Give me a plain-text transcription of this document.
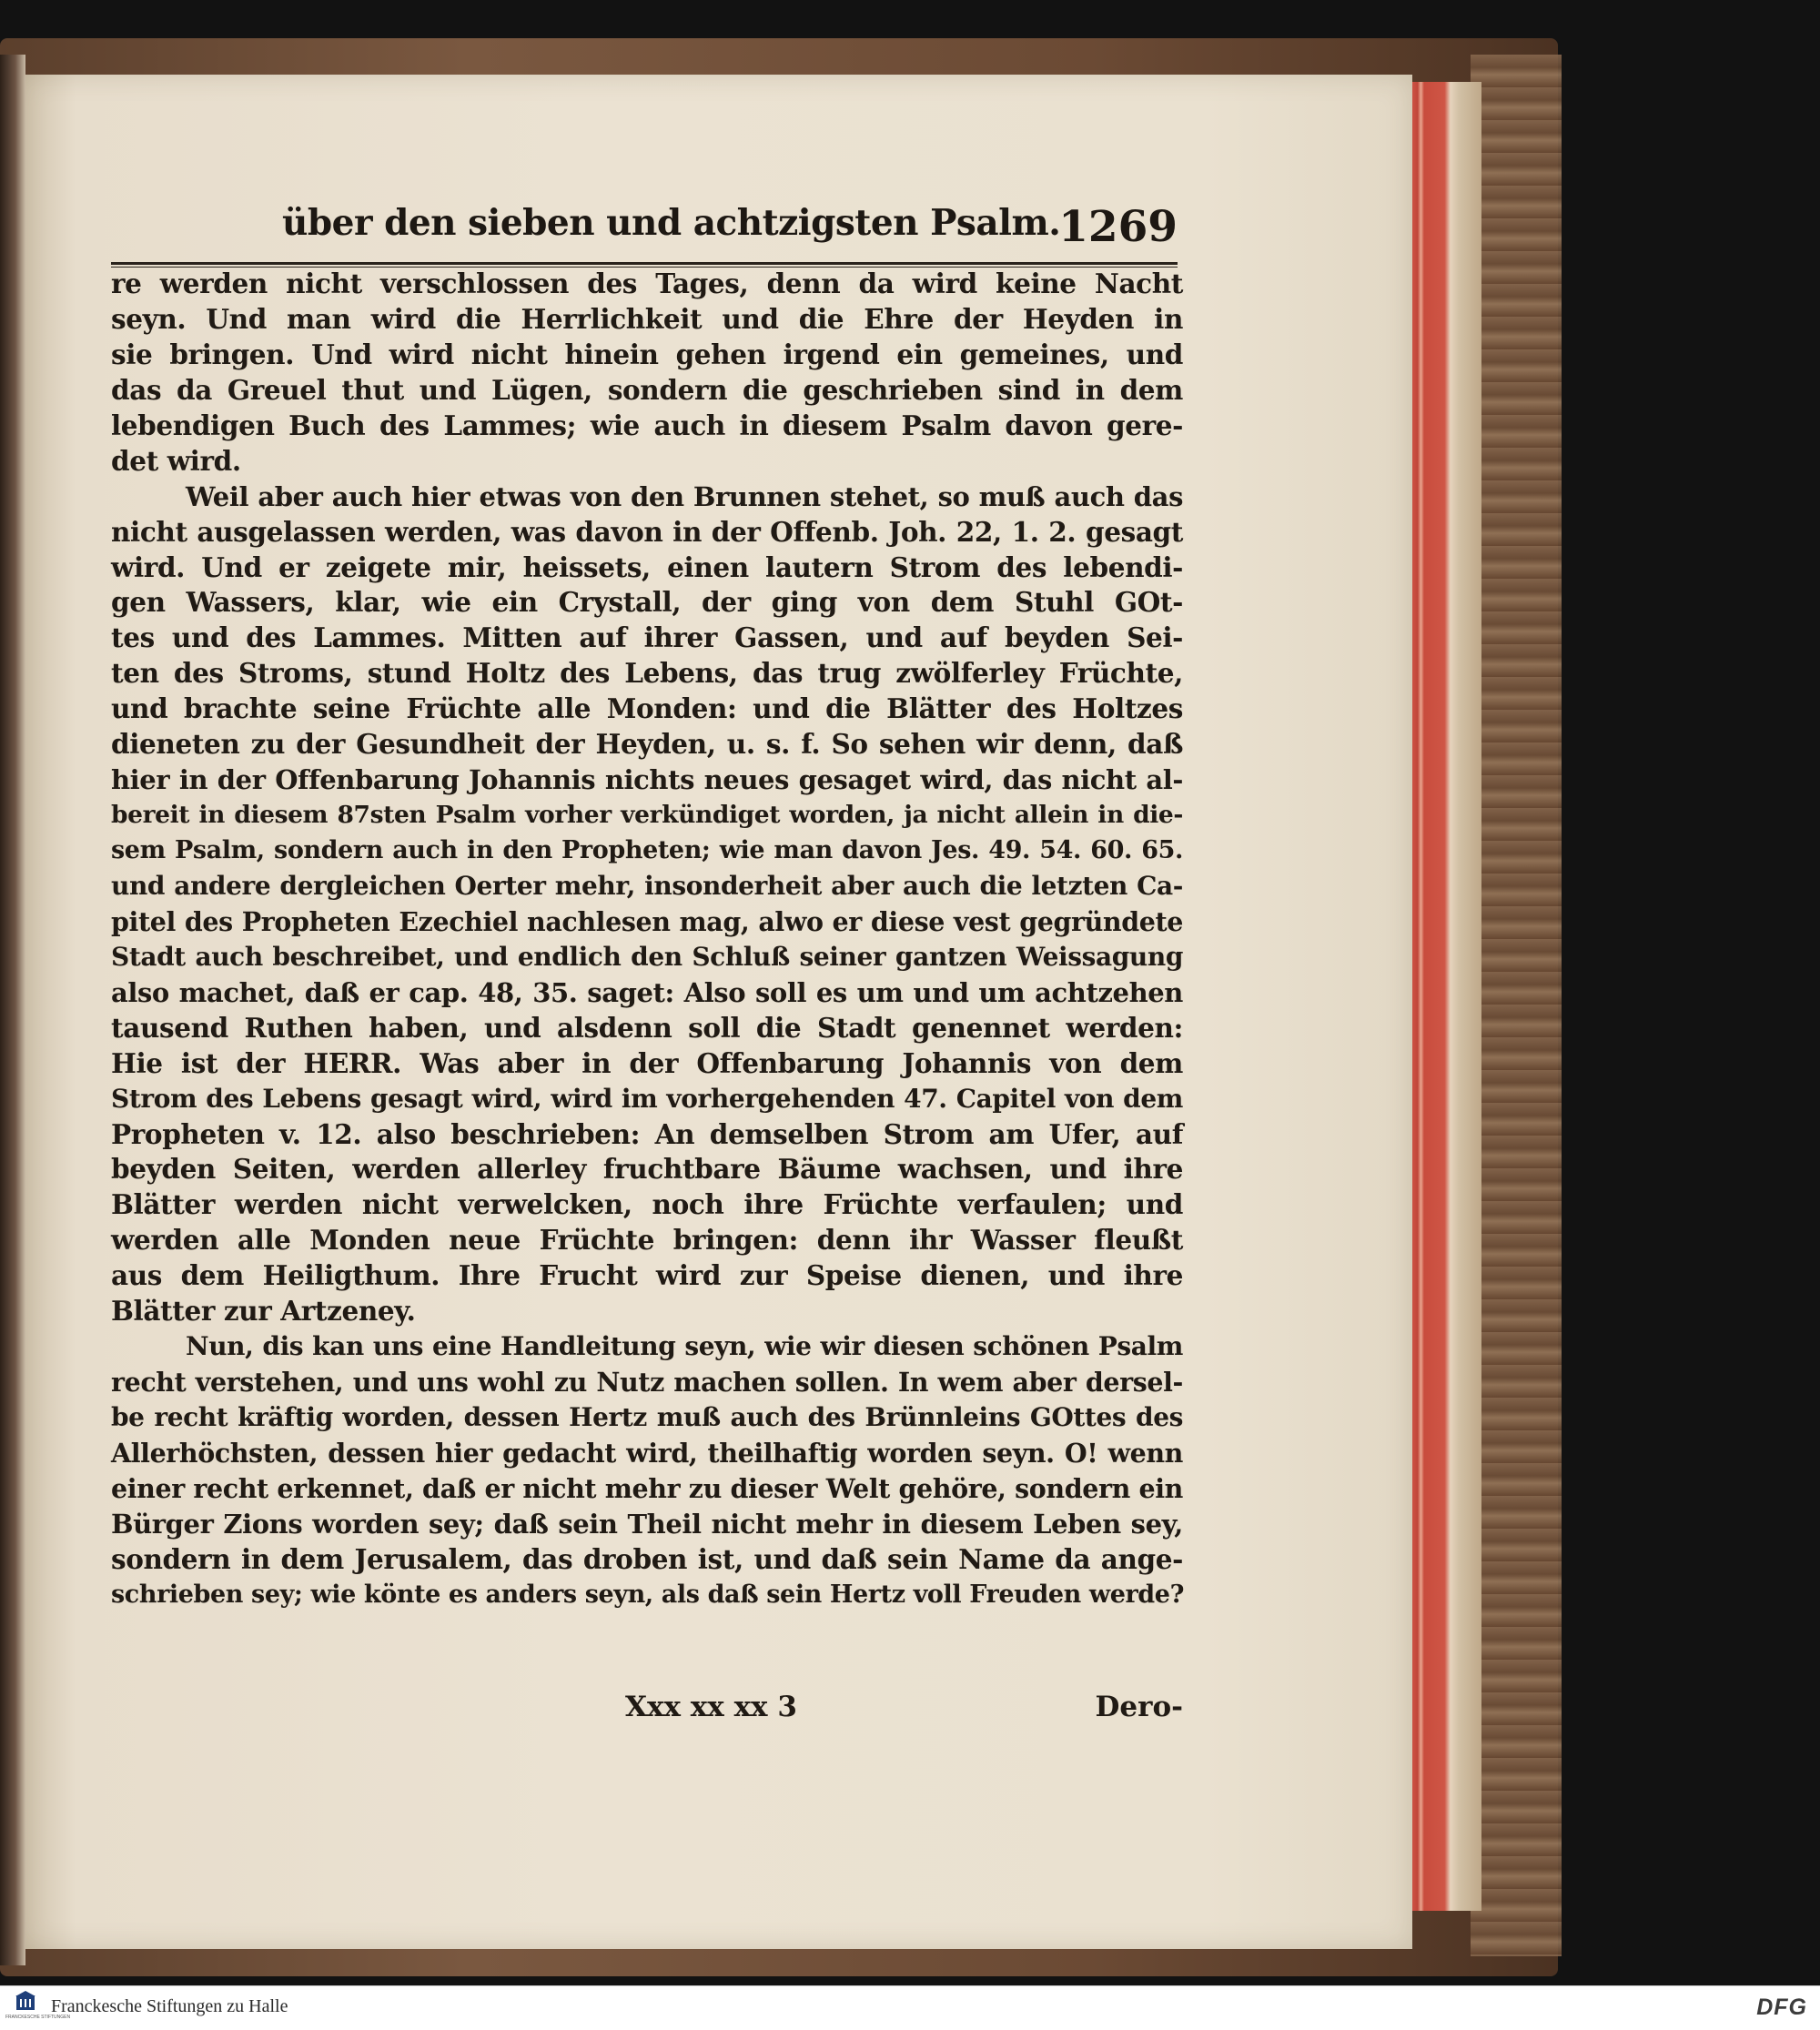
über den sieben und achtzigsten Psalm.
1269
re werden nicht verschlossen des Tages, denn da wird keine Nacht
seyn. Und man wird die Herrlichkeit und die Ehre der Heyden in
sie bringen. Und wird nicht hinein gehen irgend ein gemeines, und
das da Greuel thut und Lügen, sondern die geschrieben sind in dem
lebendigen Buch des Lammes; wie auch in diesem Psalm davon gere-
det wird.
Weil aber auch hier etwas von den Brunnen stehet, so muß auch das
nicht ausgelassen werden, was davon in der Offenb. Joh. 22, 1. 2. gesagt
wird. Und er zeigete mir, heissets, einen lautern Strom des lebendi-
gen Wassers, klar, wie ein Crystall, der ging von dem Stuhl GOt-
tes und des Lammes. Mitten auf ihrer Gassen, und auf beyden Sei-
ten des Stroms, stund Holtz des Lebens, das trug zwölferley Früchte,
und brachte seine Früchte alle Monden: und die Blätter des Holtzes
dieneten zu der Gesundheit der Heyden, u. s. f. So sehen wir denn, daß
hier in der Offenbarung Johannis nichts neues gesaget wird, das nicht al-
bereit in diesem 87sten Psalm vorher verkündiget worden, ja nicht allein in die-
sem Psalm, sondern auch in den Propheten; wie man davon Jes. 49. 54. 60. 65.
und andere dergleichen Oerter mehr, insonderheit aber auch die letzten Ca-
pitel des Propheten Ezechiel nachlesen mag, alwo er diese vest gegründete
Stadt auch beschreibet, und endlich den Schluß seiner gantzen Weissagung
also machet, daß er cap. 48, 35. saget: Also soll es um und um achtzehen
tausend Ruthen haben, und alsdenn soll die Stadt genennet werden:
Hie ist der HERR. Was aber in der Offenbarung Johannis von dem
Strom des Lebens gesagt wird, wird im vorhergehenden 47. Capitel von dem
Propheten v. 12. also beschrieben: An demselben Strom am Ufer, auf
beyden Seiten, werden allerley fruchtbare Bäume wachsen, und ihre
Blätter werden nicht verwelcken, noch ihre Früchte verfaulen; und
werden alle Monden neue Früchte bringen: denn ihr Wasser fleußt
aus dem Heiligthum. Ihre Frucht wird zur Speise dienen, und ihre
Blätter zur Artzeney.
Nun, dis kan uns eine Handleitung seyn, wie wir diesen schönen Psalm
recht verstehen, und uns wohl zu Nutz machen sollen. In wem aber dersel-
be recht kräftig worden, dessen Hertz muß auch des Brünnleins GOttes des
Allerhöchsten, dessen hier gedacht wird, theilhaftig worden seyn. O! wenn
einer recht erkennet, daß er nicht mehr zu dieser Welt gehöre, sondern ein
Bürger Zions worden sey; daß sein Theil nicht mehr in diesem Leben sey,
sondern in dem Jerusalem, das droben ist, und daß sein Name da ange-
schrieben sey; wie könte es anders seyn, als daß sein Hertz voll Freuden werde?
Xxx xx xx 3	Dero-
FRANCKESCHE STIFTUNGEN
Franckesche Stiftungen zu Halle	DFG
